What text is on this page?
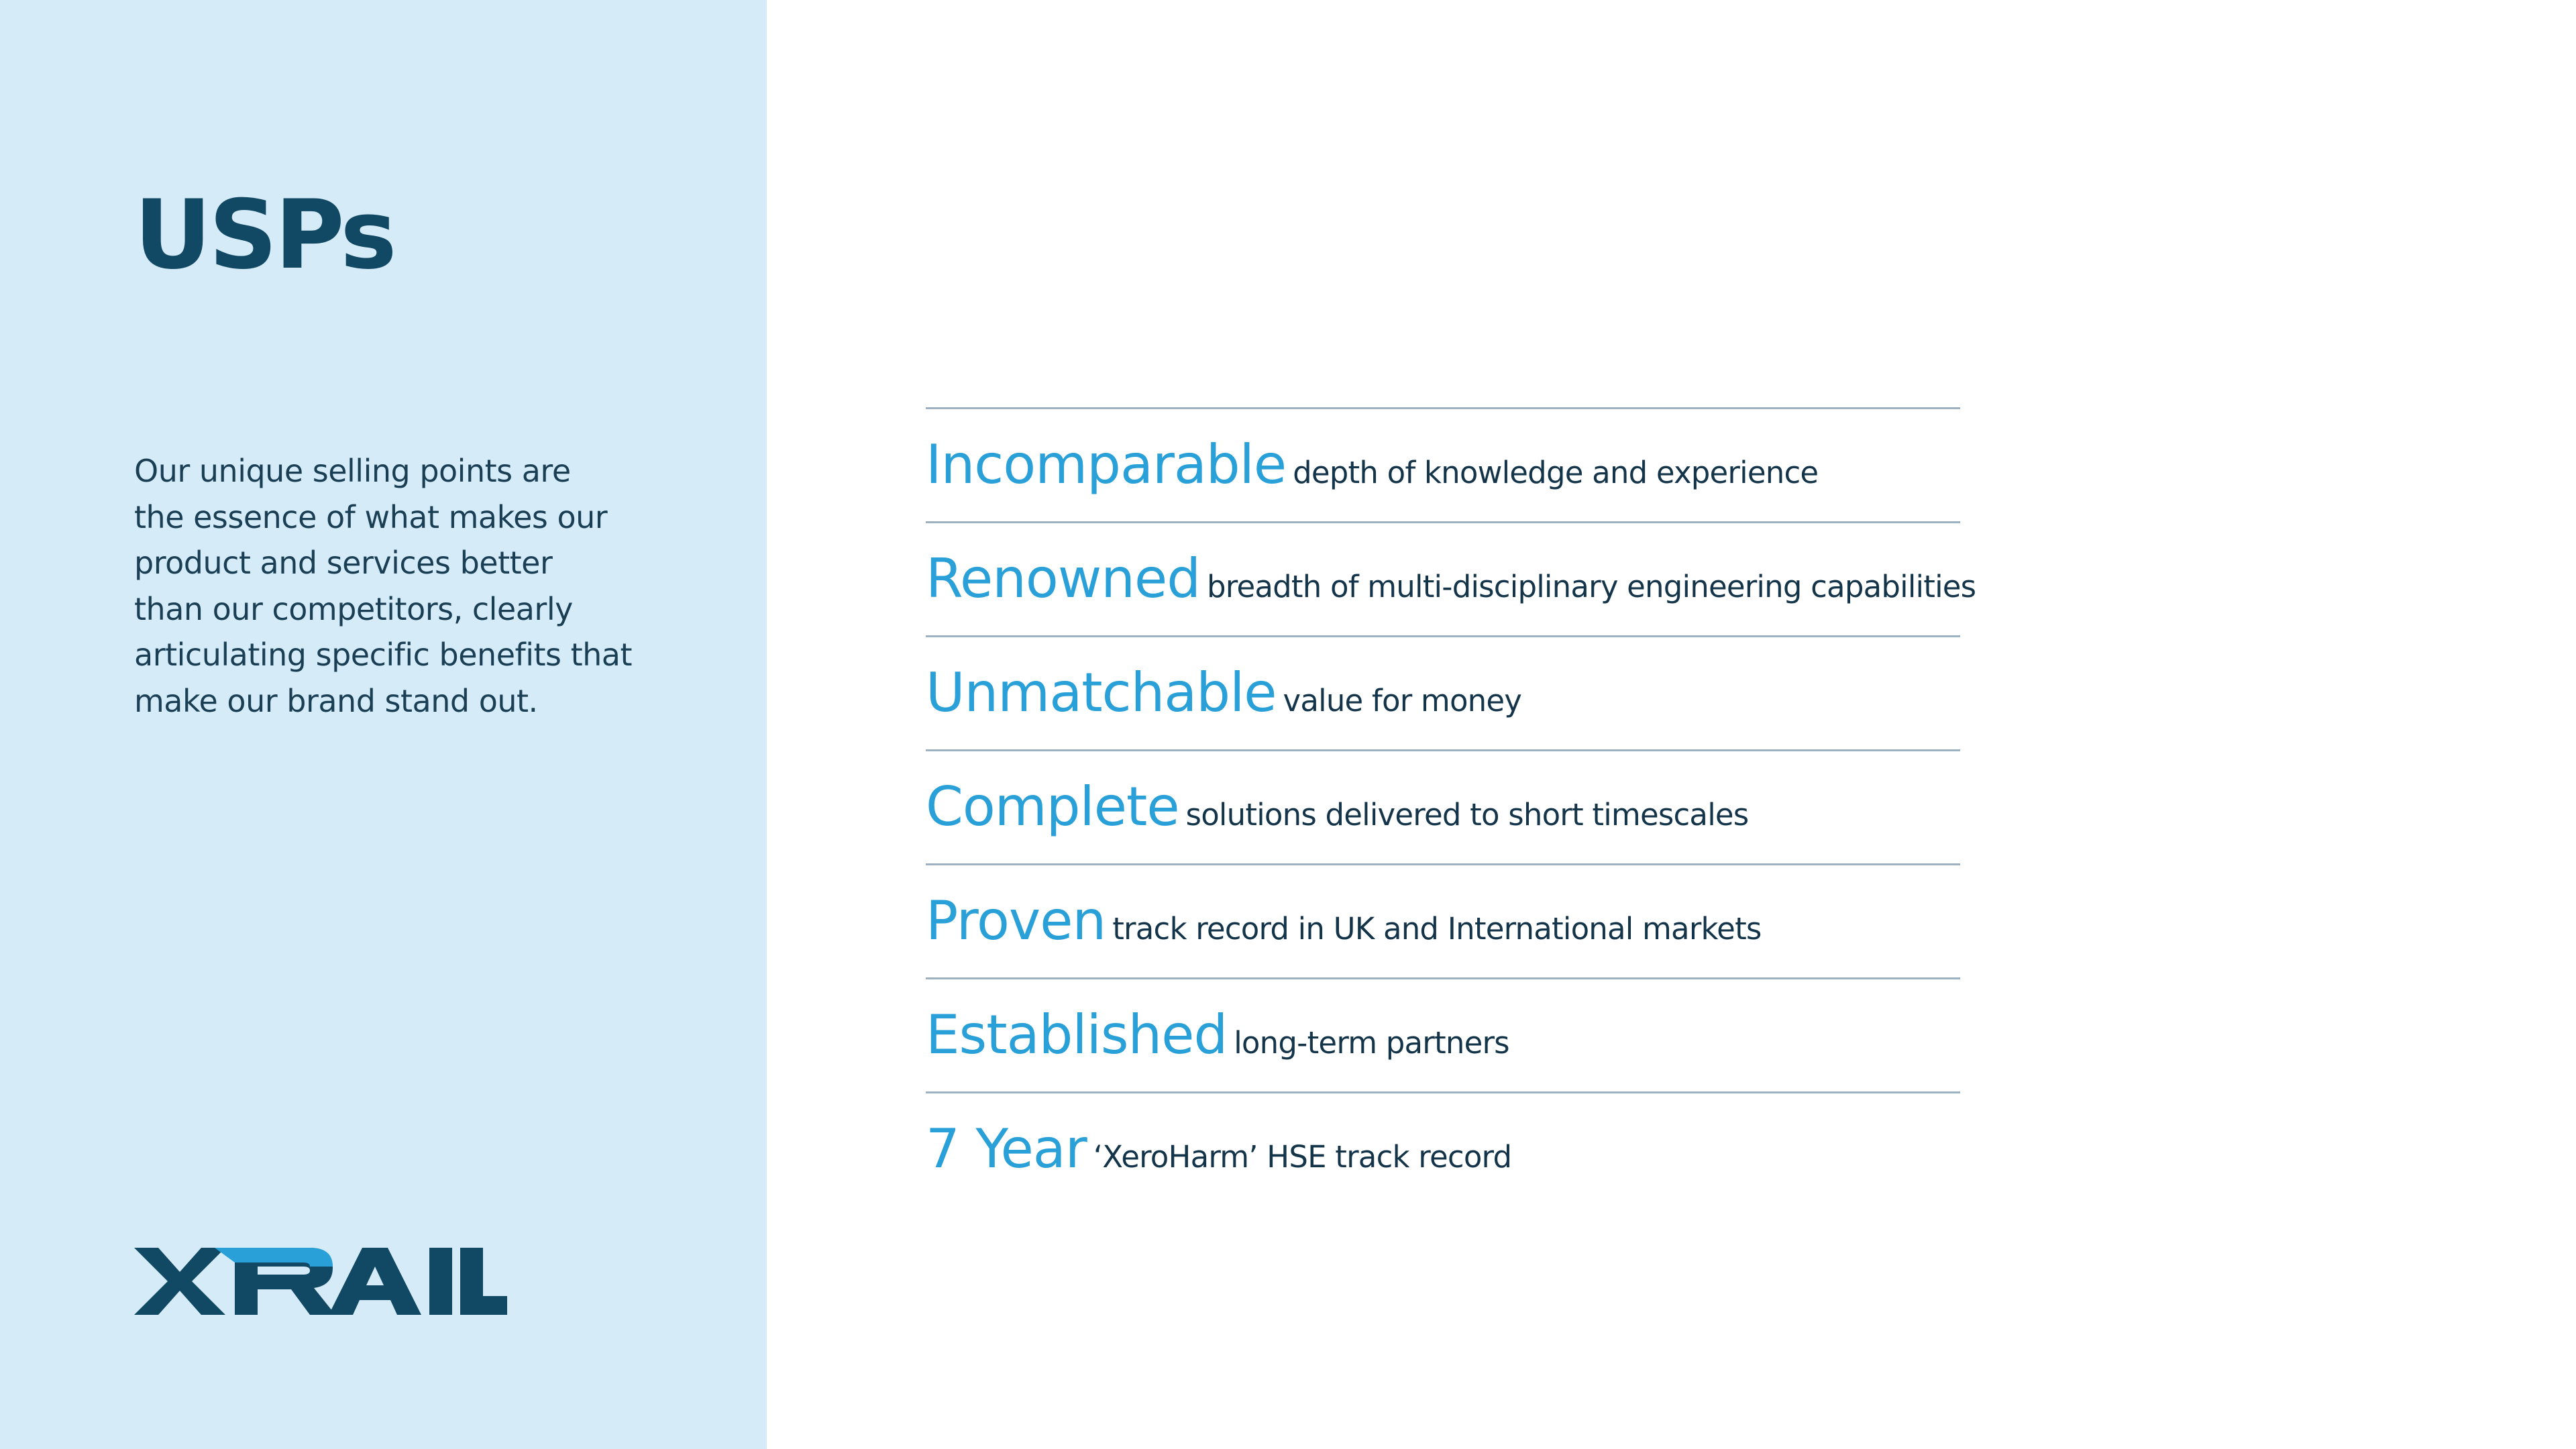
USPs
Our unique selling points are
the essence of what makes our
product and services better
than our competitors, clearly
articulating specific benefits that
make our brand stand out.
Incomparable depth of knowledge and experience
Renowned breadth of multi-disciplinary engineering capabilities
Unmatchable value for money
Complete solutions delivered to short timescales
Proven track record in UK and International markets
Established long-term partners
7 Year ‘XeroHarm’ HSE track record
